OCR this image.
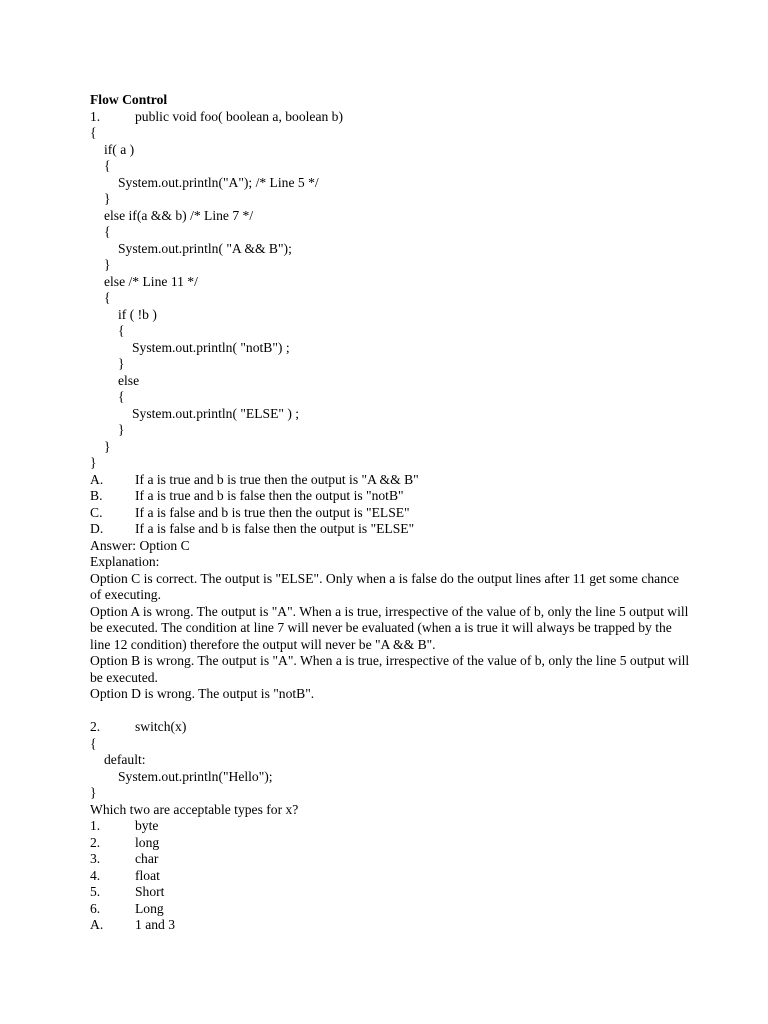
Flow Control
1.	public void foo( boolean a, boolean b)
{
if( a )
{
System.out.println("A"); /* Line 5 */
}
else if(a && b) /* Line 7 */
{
System.out.println( "A && B");
}
else /* Line 11 */
{
if ( !b )
{
System.out.println( "notB") ;
}
else
{
System.out.println( "ELSE" ) ;
}
}
}
A. If a is true and b is true then the output is "A && B"
B. If a is true and b is false then the output is "notB"
C. If a is false and b is true then the output is "ELSE"
D. If a is false and b is false then the output is "ELSE"
Answer: Option C
Explanation:
Option C is correct. The output is "ELSE". Only when a is false do the output lines after 11 get some chance of executing.
Option A is wrong. The output is "A". When a is true, irrespective of the value of b, only the line 5 output will be executed. The condition at line 7 will never be evaluated (when a is true it will always be trapped by the line 12 condition) therefore the output will never be "A && B".
Option B is wrong. The output is "A". When a is true, irrespective of the value of b, only the line 5 output will be executed.
Option D is wrong. The output is "notB".
2.	switch(x)
{
default:
System.out.println("Hello");
}
Which two are acceptable types for x?
1.	byte
2.	long
3.	char
4.	float
5.	Short
6.	Long
A. 1 and 3
